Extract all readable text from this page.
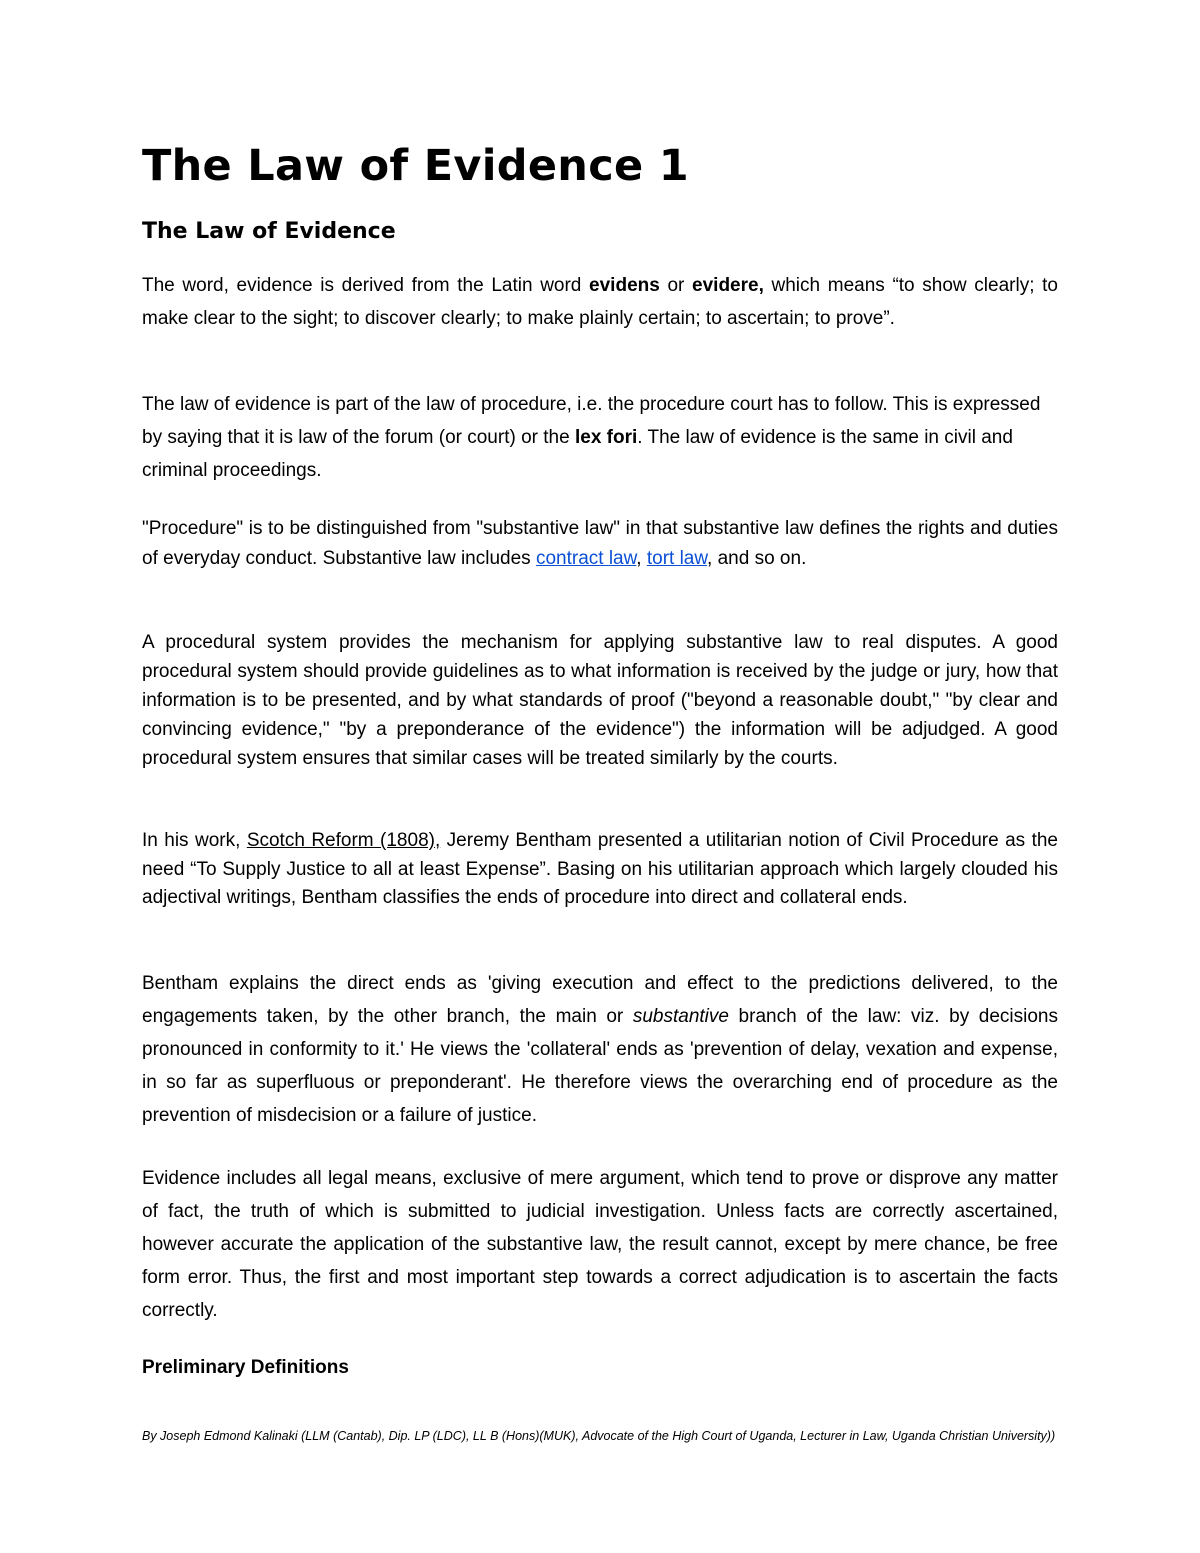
The Law of Evidence 1
The Law of Evidence

The word, evidence is derived from the Latin word evidens or evidere, which means “to show clearly; to make clear to the sight; to discover clearly; to make plainly certain; to ascertain; to prove”.

The law of evidence is part of the law of procedure, i.e. the procedure court has to follow. This is expressed by saying that it is law of the forum (or court) or the lex fori. The law of evidence is the same in civil and criminal proceedings.

"Procedure" is to be distinguished from "substantive law" in that substantive law defines the rights and duties of everyday conduct. Substantive law includes contract law, tort law, and so on.

A procedural system provides the mechanism for applying substantive law to real disputes. A good procedural system should provide guidelines as to what information is received by the judge or jury, how that information is to be presented, and by what standards of proof ("beyond a reasonable doubt," "by clear and convincing evidence," "by a preponderance of the evidence") the information will be adjudged. A good procedural system ensures that similar cases will be treated similarly by the courts.

In his work, Scotch Reform (1808), Jeremy Bentham presented a utilitarian notion of Civil Procedure as the need “To Supply Justice to all at least Expense”. Basing on his utilitarian approach which largely clouded his adjectival writings, Bentham classifies the ends of procedure into direct and collateral ends.

Bentham explains the direct ends as 'giving execution and effect to the predictions delivered, to the engagements taken, by the other branch, the main or substantive branch of the law: viz. by decisions pronounced in conformity to it.' He views the 'collateral' ends as 'prevention of delay, vexation and expense, in so far as superfluous or preponderant'. He therefore views the overarching end of procedure as the prevention of misdecision or a failure of justice.

Evidence includes all legal means, exclusive of mere argument, which tend to prove or disprove any matter of fact, the truth of which is submitted to judicial investigation. Unless facts are correctly ascertained, however accurate the application of the substantive law, the result cannot, except by mere chance, be free form error. Thus, the first and most important step towards a correct adjudication is to ascertain the facts correctly.

Preliminary Definitions

By Joseph Edmond Kalinaki (LLM (Cantab), Dip. LP (LDC), LL B (Hons)(MUK), Advocate of the High Court of Uganda, Lecturer in Law, Uganda Christian University))
